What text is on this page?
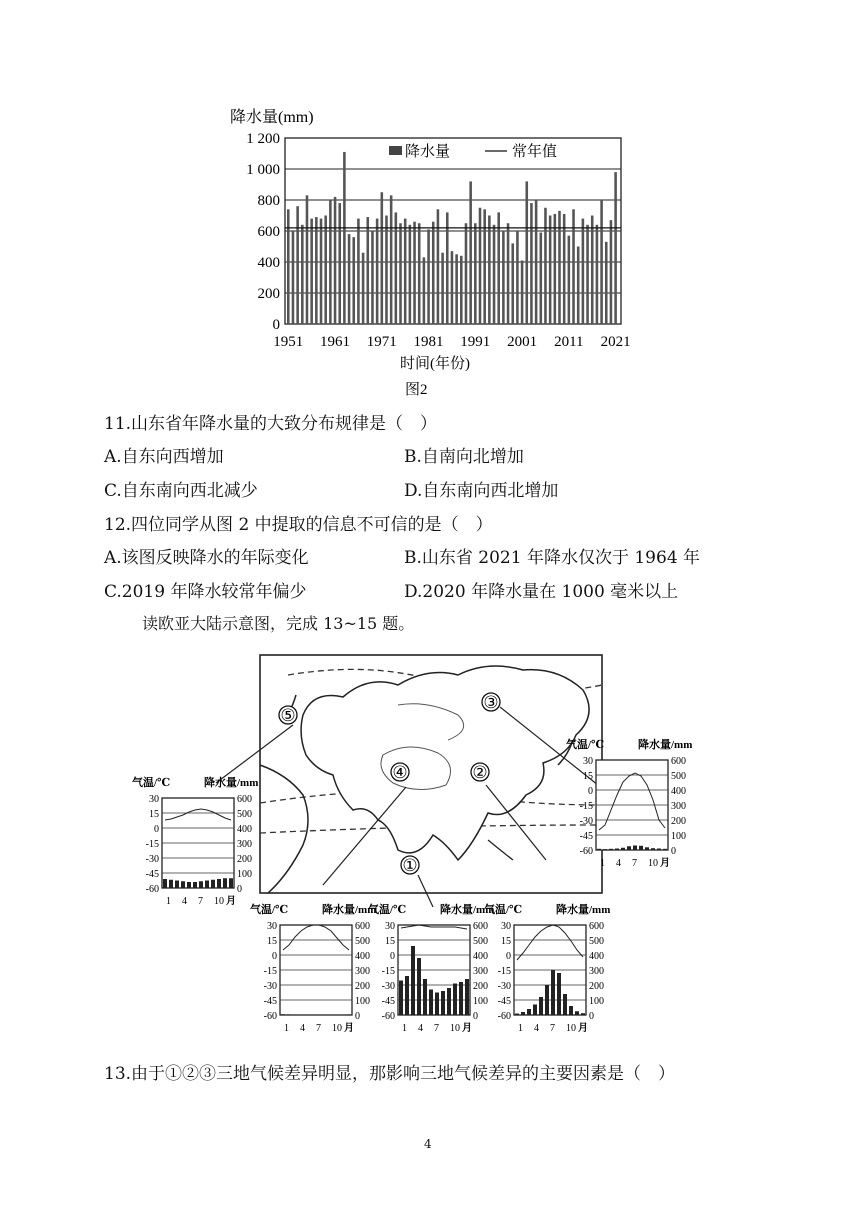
降水量(mm)
0
200
400
600
800
1 000
1 200
1951 1961 1971 1981 1991 2001 2011 2021
降水量	常年值
时间(年份)
图2
11.山东省年降水量的大致分布规律是（　）
A.自东向西增加	B.自南向北增加
C.自东南向西北减少	D.自东南向西北增加
12.四位同学从图 2 中提取的信息不可信的是（　）
A.该图反映降水的年际变化	B.山东省 2021 年降水仅次于 1964 年
C.2019 年降水较常年偏少	D.2020 年降水量在 1000 毫米以上
读欧亚大陆示意图，完成 13~15 题。
⑤
③
④	②
①
气温/℃	降水量/mm
30	600
15	500
0	400
-15	300
-30	200
-45	100
-60	0
1 4 7 10 月
气温/℃	降水量/mm
30	600
15	500
0	400
-15	300
-30	200
-45	100
-60	0
1 4 7 10 月
气温/℃	降水量/mm
30	600
15	500
0	400
-15	300
-30	200
-45	100
-60	0
1 4 7 10 月
气温/℃	降水量/mm
30	600
15	500
0	400
-15	300
-30	200
-45	100
-60	0
1 4 7 10 月
气温/℃	降水量/mm
30	600
15	500
0	400
-15	300
-30	200
-45	100
-60	0
1 4 7 10 月
13.由于①②③三地气候差异明显，那影响三地气候差异的主要因素是（　）
4
